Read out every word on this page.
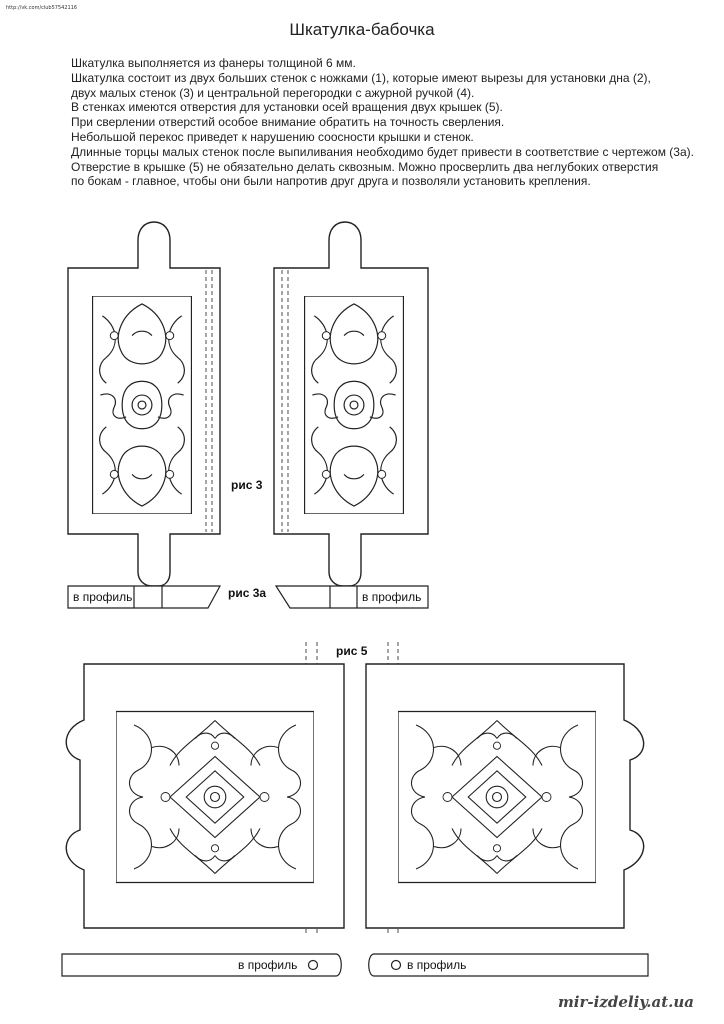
http://vk.com/club57542116
Шкатулка-бабочка
Шкатулка выполняется из фанеры толщиной 6 мм.
Шкатулка состоит из двух больших стенок с ножками (1), которые имеют вырезы для установки дна (2),
двух малых стенок (3) и центральной перегородки с ажурной ручкой (4).
В стенках имеются отверстия для установки осей вращения двух крышек (5).
При сверлении отверстий особое внимание обратить на точность сверления.
Небольшой перекос приведет к нарушению соосности крышки и стенок.
Длинные торцы малых стенок после выпиливания необходимо будет привести в соответствие с чертежом (3а).
Отверстие в крышке (5) не обязательно делать сквозным. Можно просверлить два неглубоких отверстия
по бокам - главное, чтобы они были напротив друг друга и позволяли установить крепления.
в профиль	в профиль
в профиль	в профиль
рис 3
рис 3а
рис 5
mir-izdeliy.at.ua
